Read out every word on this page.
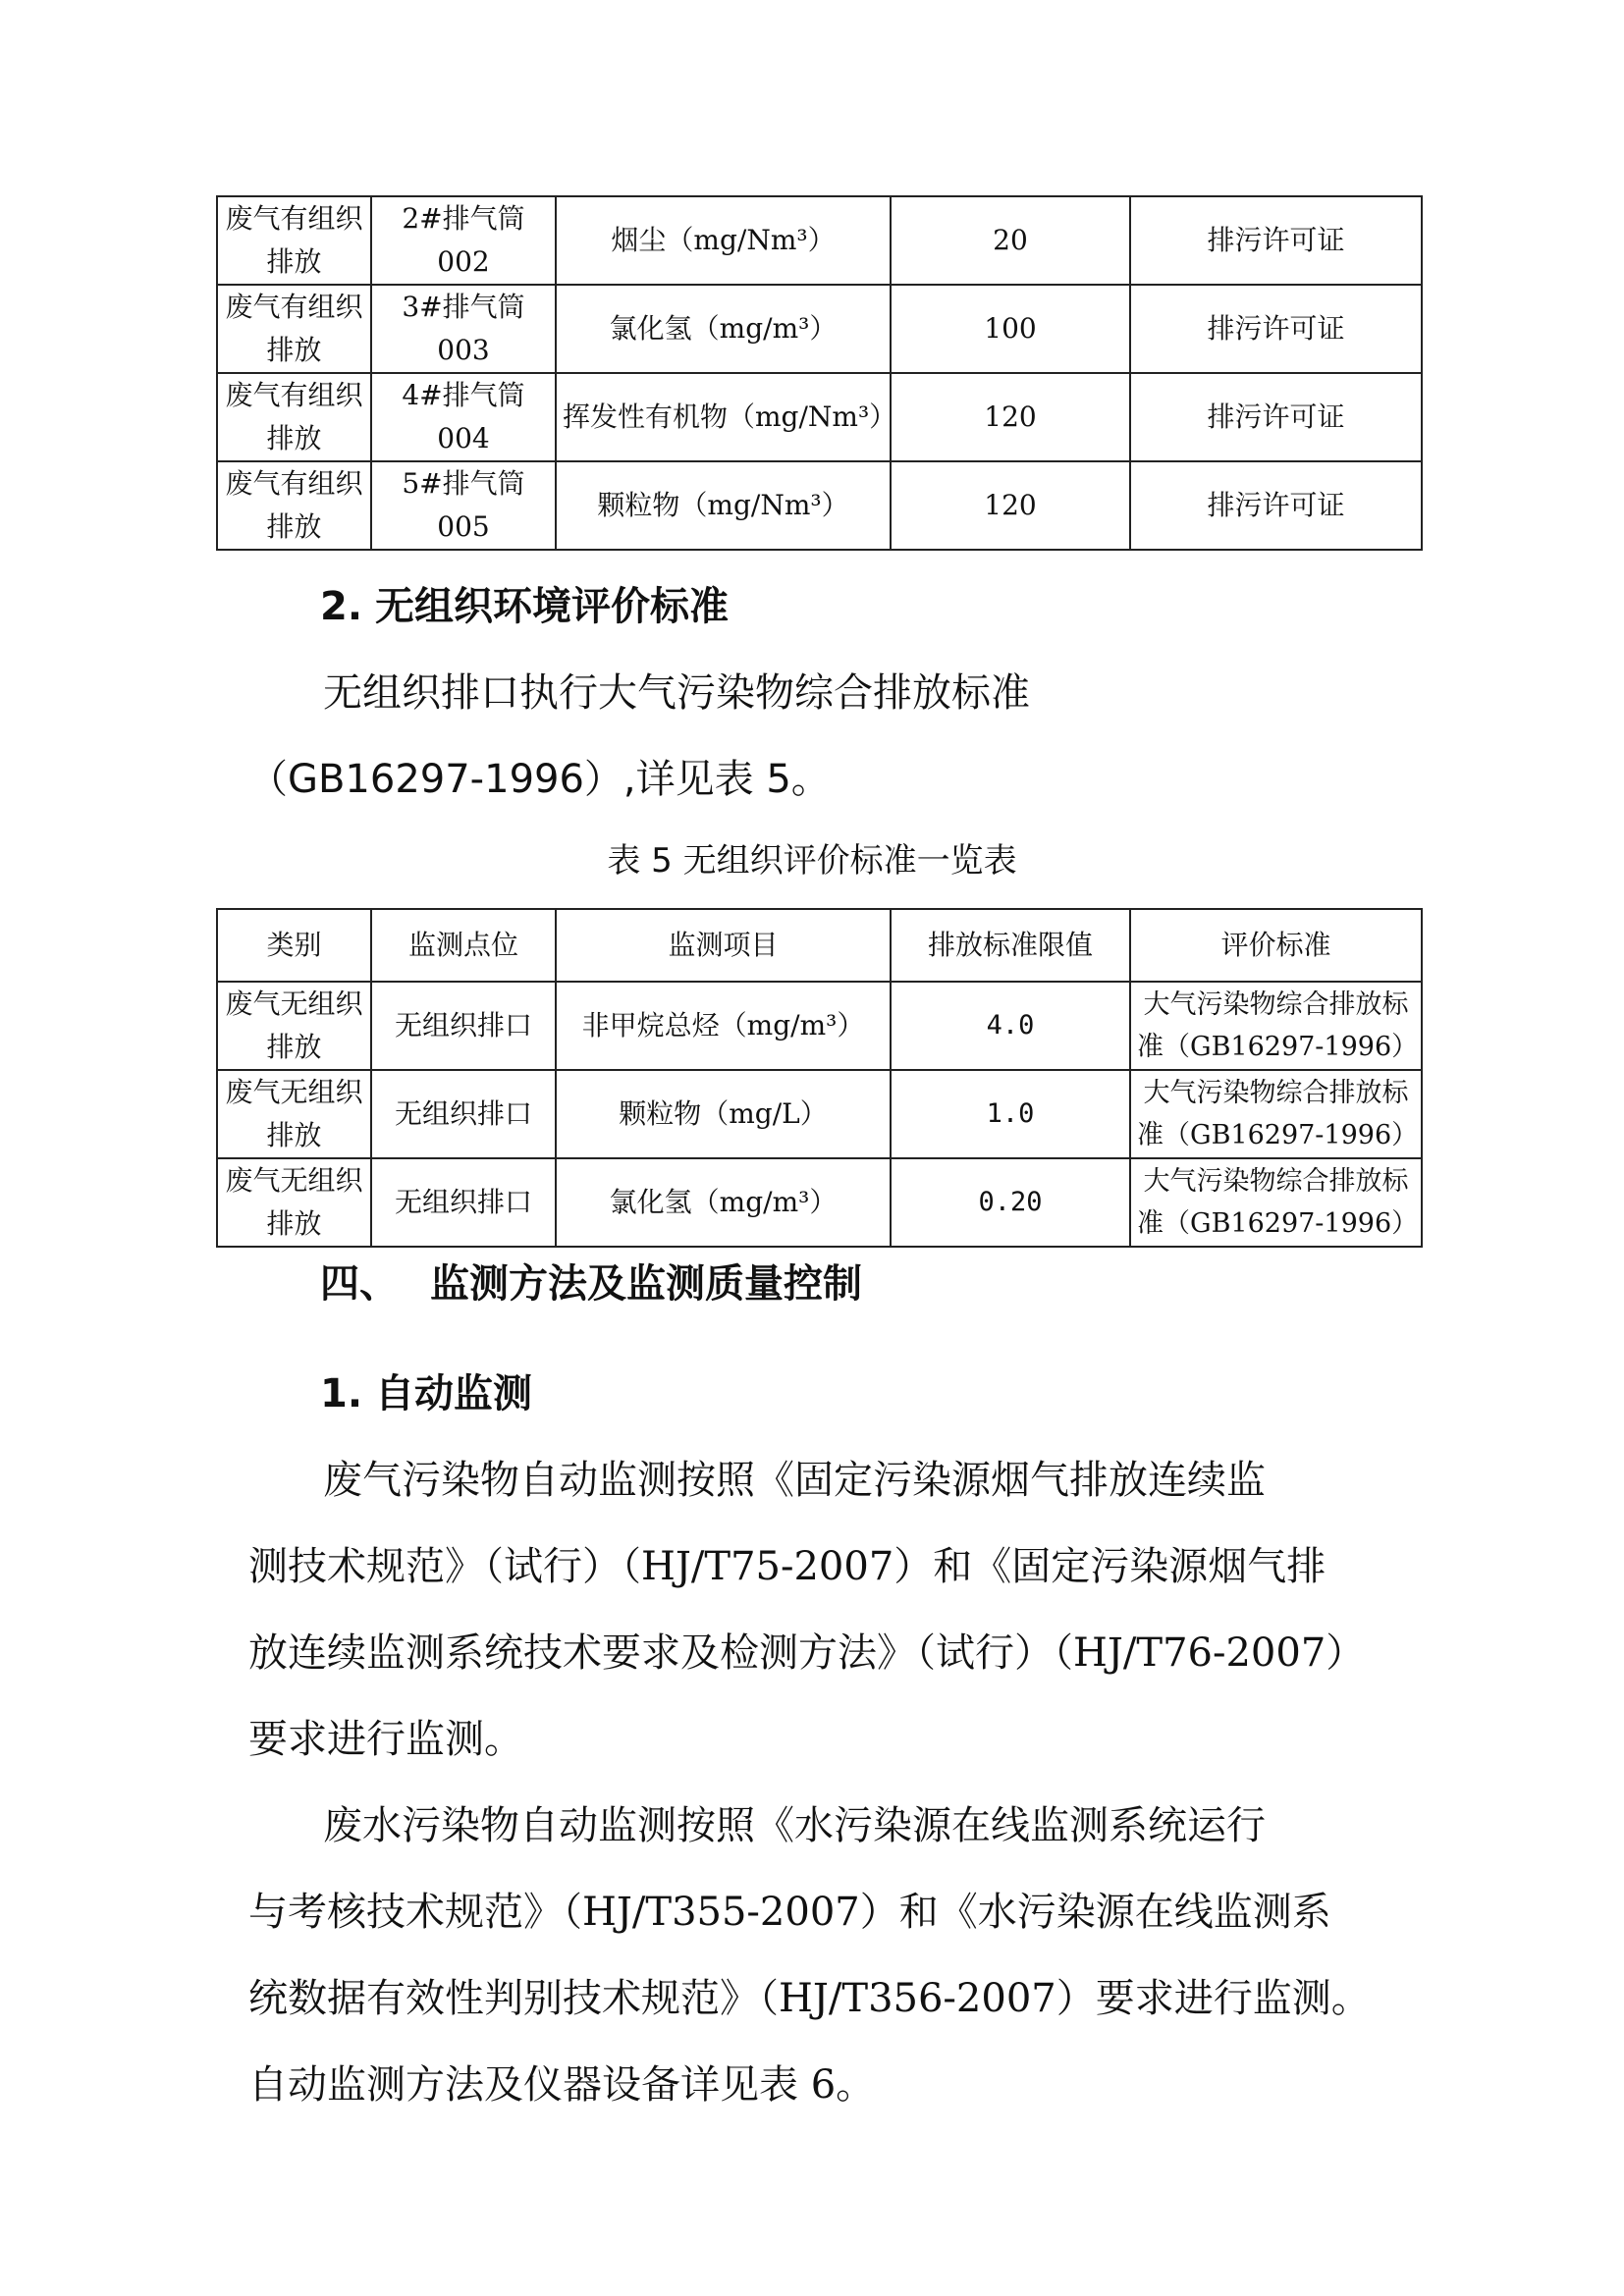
废气有组织排放	2#排气筒002	烟尘（mg/Nm³）	20	排污许可证
废气有组织排放	3#排气筒003	氯化氢（mg/m³）	100	排污许可证
废气有组织排放	4#排气筒004	挥发性有机物（mg/Nm³）	120	排污许可证
废气有组织排放	5#排气筒005	颗粒物（mg/Nm³）	120	排污许可证
2. 无组织环境评价标准

无组织排口执行大气污染物综合排放标准
（GB16297-1996）,详见表 5。

表 5 无组织评价标准一览表

类别	监测点位	监测项目	排放标准限值	评价标准
废气无组织排放	无组织排口	非甲烷总烃（mg/m³）	4.0	大气污染物综合排放标准（GB16297-1996）
废气无组织排放	无组织排口	颗粒物（mg/L）	1.0	大气污染物综合排放标准（GB16297-1996）
废气无组织排放	无组织排口	氯化氢（mg/m³）	0.20	大气污染物综合排放标准（GB16297-1996）
四、 监测方法及监测质量控制
1. 自动监测

废气污染物自动监测按照《固定污染源烟气排放连续监
测技术规范》（试行）（HJ/T75-2007）和《固定污染源烟气排
放连续监测系统技术要求及检测方法》（试行）（HJ/T76-2007）
要求进行监测。

废水污染物自动监测按照《水污染源在线监测系统运行
与考核技术规范》（HJ/T355-2007）和《水污染源在线监测系
统数据有效性判别技术规范》（HJ/T356-2007）要求进行监测。
自动监测方法及仪器设备详见表 6。
